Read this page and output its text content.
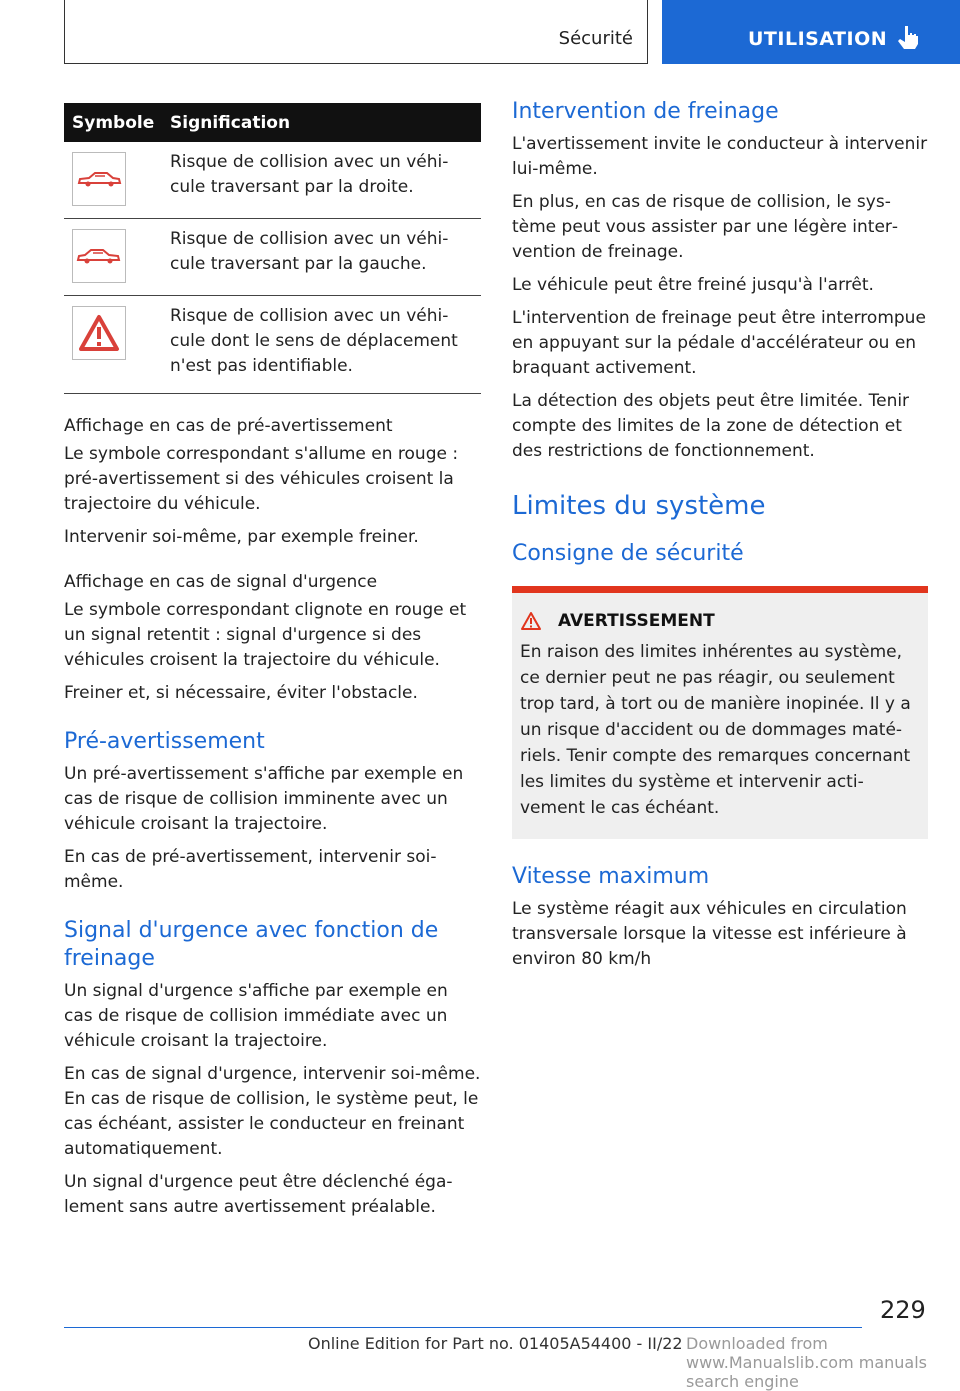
Sécurité	UTILISATION
Symbole	Signification

	Risque de collision avec un véhicule traversant par la droite.

	Risque de collision avec un véhicule traversant par la gauche.

	Risque de collision avec un véhicule dont le sens de déplacement n'est pas identifiable.
Affichage en cas de pré-avertissement

Le symbole correspondant s'allume en rouge : pré-avertissement si des véhicules croisent la trajectoire du véhicule.

Intervenir soi-même, par exemple freiner.

Affichage en cas de signal d'urgence

Le symbole correspondant clignote en rouge et un signal retentit : signal d'urgence si des véhicules croisent la trajectoire du véhicule.

Freiner et, si nécessaire, éviter l'obstacle.

Pré-avertissement

Un pré-avertissement s'affiche par exemple en cas de risque de collision imminente avec un véhicule croisant la trajectoire.

En cas de pré-avertissement, intervenir soi-même.

Signal d'urgence avec fonction de freinage

Un signal d'urgence s'affiche par exemple en cas de risque de collision immédiate avec un véhicule croisant la trajectoire.

En cas de signal d'urgence, intervenir soi-même. En cas de risque de collision, le système peut, le cas échéant, assister le conducteur en freinant automatiquement.

Un signal d'urgence peut être déclenché également sans autre avertissement préalable.

Intervention de freinage

L'avertissement invite le conducteur à intervenir lui-même.

En plus, en cas de risque de collision, le système peut vous assister par une légère intervention de freinage.

Le véhicule peut être freiné jusqu'à l'arrêt.

L'intervention de freinage peut être interrompue en appuyant sur la pédale d'accélérateur ou en braquant activement.

La détection des objets peut être limitée. Tenir compte des limites de la zone de détection et des restrictions de fonctionnement.

Limites du système
Consigne de sécurité
AVERTISSEMENT

En raison des limites inhérentes au système, ce dernier peut ne pas réagir, ou seulement trop tard, à tort ou de manière inopinée. Il y a un risque d'accident ou de dommages matériels. Tenir compte des remarques concernant les limites du système et intervenir activement le cas échéant.

Vitesse maximum

Le système réagit aux véhicules en circulation transversale lorsque la vitesse est inférieure à environ 80 km/h

229
Online Edition for Part no. 01405A54400 - II/22 Downloaded from www.Manualslib.com manuals search engine
